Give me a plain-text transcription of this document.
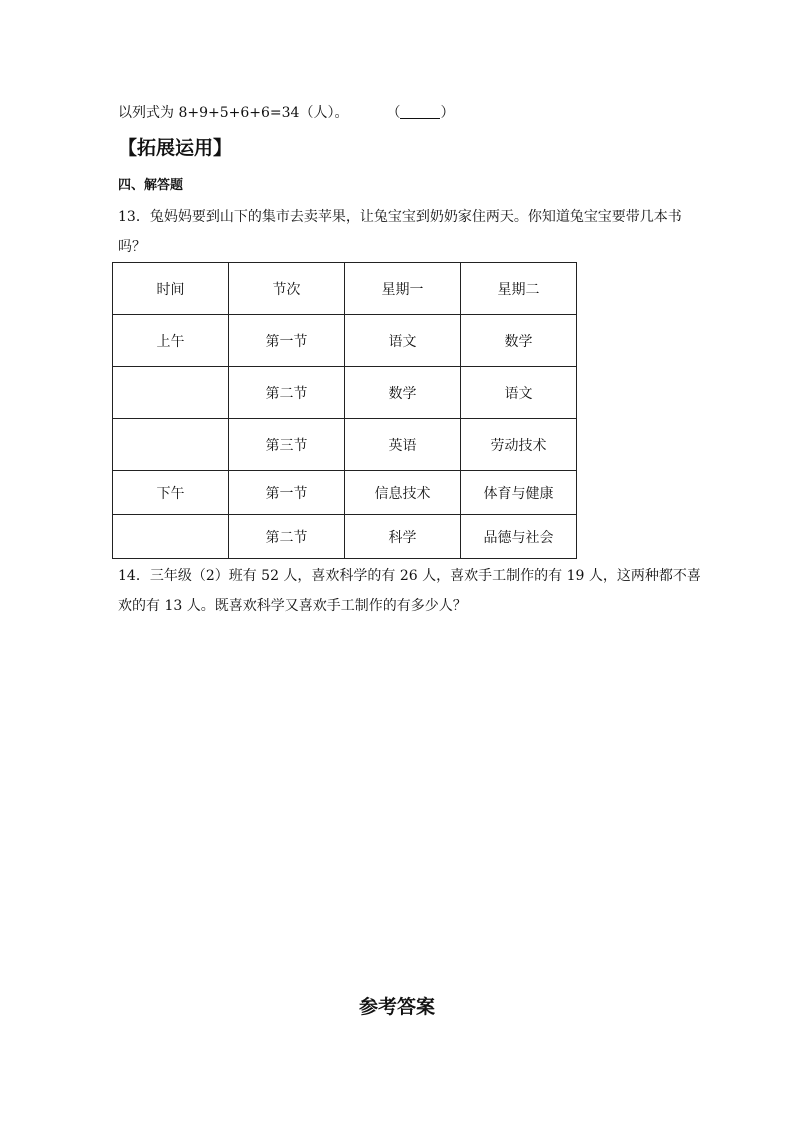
以列式为 8+9+5+6+6=34（人）。	（	）
【拓展运用】
四、解答题
13．兔妈妈要到山下的集市去卖苹果，让兔宝宝到奶奶家住两天。你知道兔宝宝要带几本书
吗？
时间	节次	星期一	星期二
上午	第一节	语文	数学
	第二节	数学	语文
	第三节	英语	劳动技术
下午	第一节	信息技术	体育与健康
	第二节	科学	品德与社会
14．三年级（2）班有 52 人，喜欢科学的有 26 人，喜欢手工制作的有 19 人，这两种都不喜
欢的有 13 人。既喜欢科学又喜欢手工制作的有多少人？
参考答案
